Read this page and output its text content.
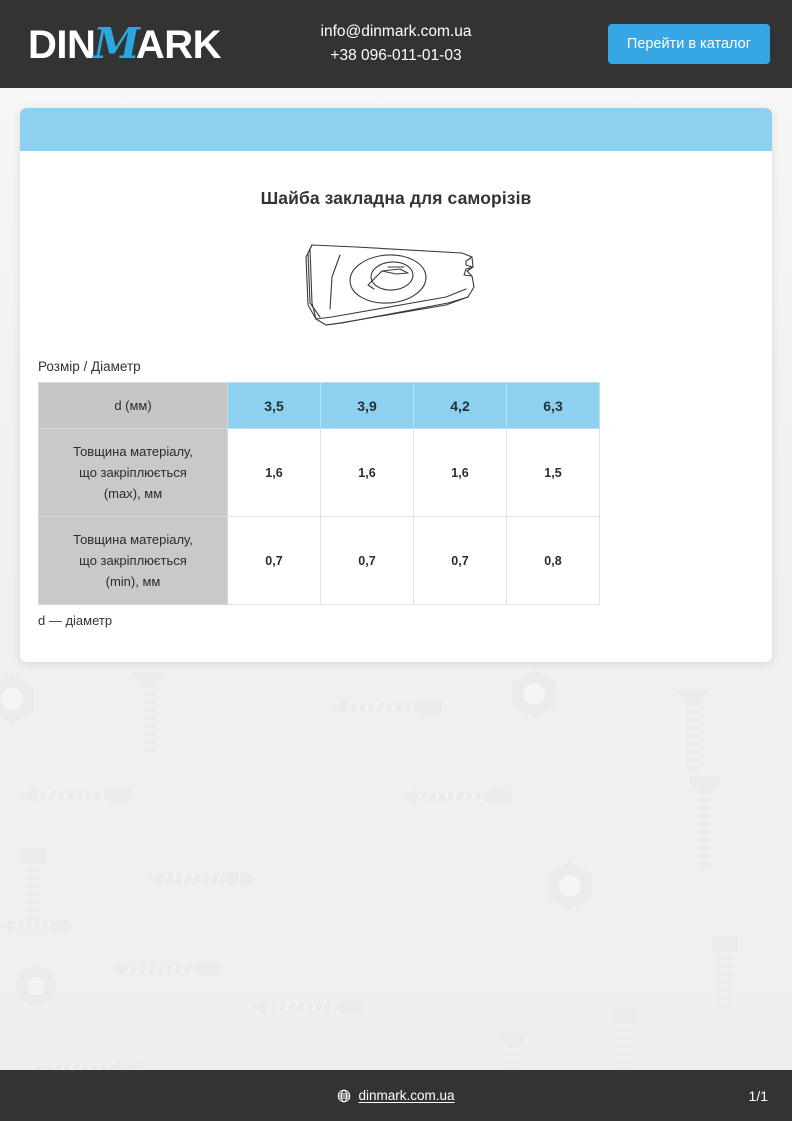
DINMARK	info@dinmark.com.ua
+38 096-011-01-03
Перейти в каталог
Шайба закладна для саморізів
Розмір / Діаметр
d (мм)	3,5	3,9	4,2	6,3
Товщина матеріалу,
що закріплюється
(max), мм	1,6	1,6	1,6	1,5
Товщина матеріалу,
що закріплюється
(min), мм	0,7	0,7	0,7	0,8
d — діаметр
dinmark.com.ua	1/1
